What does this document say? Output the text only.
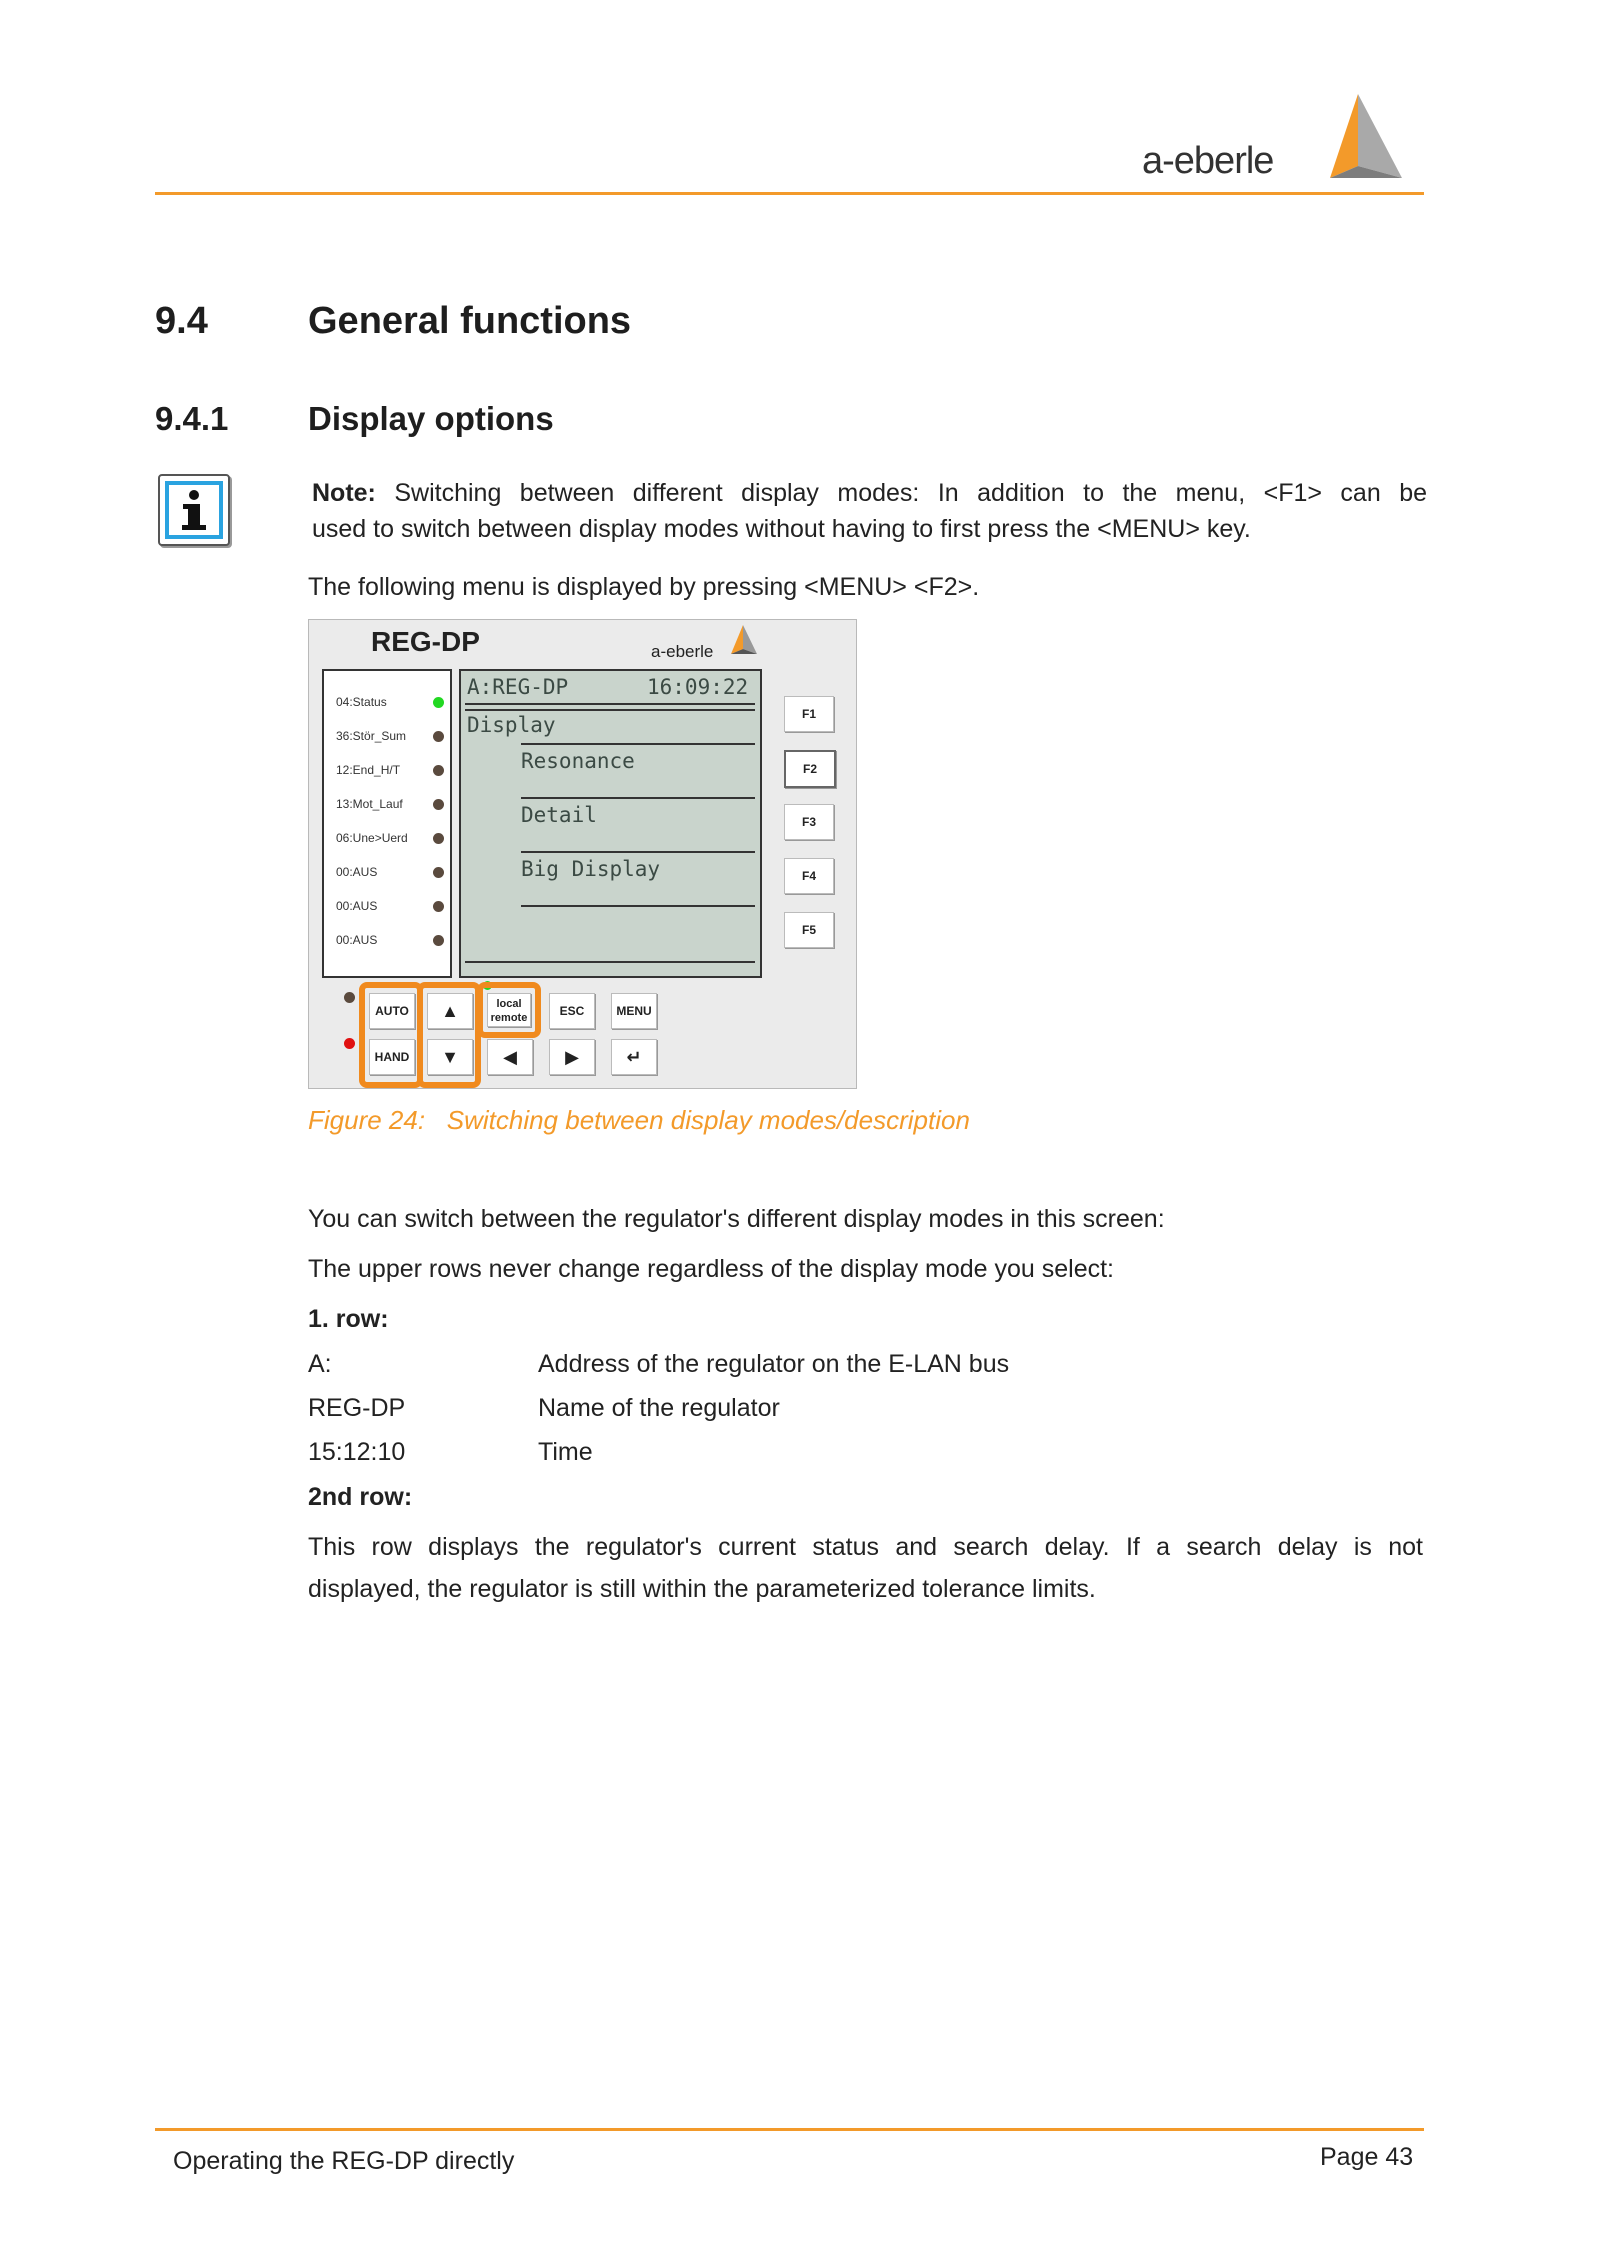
a-eberle
9.4	General functions
9.4.1 Display options
Note: Switching between different display modes: In addition to the menu, <F1> can be
used to switch between display modes without having to first press the <MENU> key.
The following menu is displayed by pressing <MENU> <F2>.
REG-DP	a-eberle
04:Status
36:Stör_Sum
12:End_H/T
13:Mot_Lauf
06:Une>Uerd
00:AUS
00:AUS
00:AUS
A:REG-DP	16:09:22
Display
Resonance
Detail
Big Display
F1
F2
F3
F4
F5
AUTO
HAND
▲
▼
local
remote
◀
ESC
▶
MENU
↵
Figure 24:   Switching between display modes/description
You can switch between the regulator's different display modes in this screen:
The upper rows never change regardless of the display mode you select:
1. row:
A:	Address of the regulator on the E-LAN bus
REG-DP	Name of the regulator
15:12:10	Time
2nd row:
This row displays the regulator's current status and search delay. If a search delay is not
displayed, the regulator is still within the parameterized tolerance limits.
Operating the REG-DP directly	Page 43
